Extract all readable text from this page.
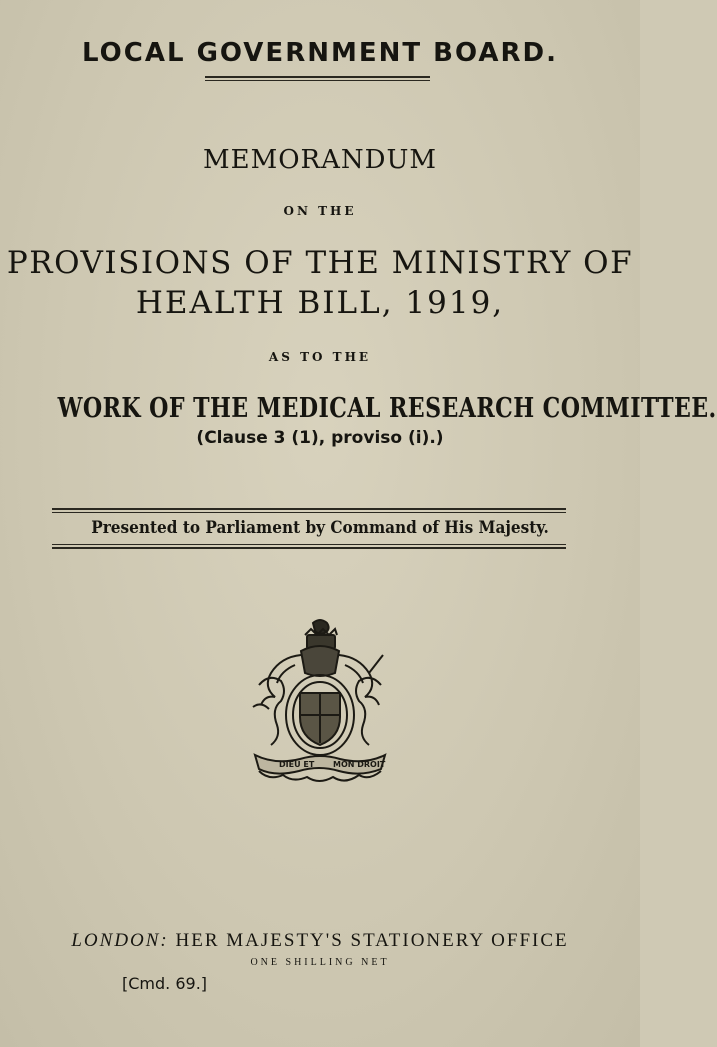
LOCAL GOVERNMENT BOARD.
MEMORANDUM
ON THE
PROVISIONS OF THE MINISTRY OF
HEALTH BILL, 1919,
AS TO THE
WORK OF THE MEDICAL RESEARCH COMMITTEE.
(Clause 3 (1), proviso (i).)
Presented to Parliament by Command of His Majesty.
DIEU ET MON DROIT
LONDON: HER MAJESTY'S STATIONERY OFFICE
ONE SHILLING NET
[Cmd. 69.]
